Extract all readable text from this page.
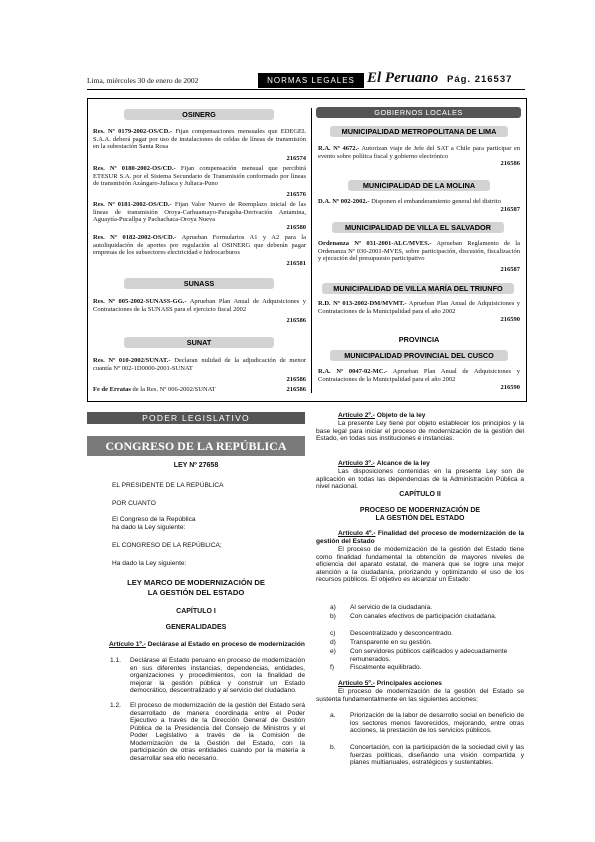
Lima, miércoles 30 de enero de 2002	NORMAS LEGALES El Peruano Pág. 216537
OSINERG
Res. Nº 0179-2002-OS/CD.- Fijan compensaciones mensuales que EDEGEL S.A.A. deberá pagar por uso de instalaciones de celdas de líneas de transmisión en la subestación Santa Rosa
216574
Res. Nº 0180-2002-OS/CD.- Fijan compensación mensual que percibirá ETESUR S.A. por el Sistema Secundario de Transmisión conformado por líneas de transmisión Azángaro-Juliaca y Juliaca-Puno
216576
Res. Nº 0181-2002-OS/CD.- Fijan Valor Nuevo de Reemplazo inicial de las líneas de transmisión Oroya-Carhuamayo-Paragsha-Derivación Antamina, Aguaytía-Pucallpa y Pachachaca-Oroya Nueva
216580
Res. Nº 0182-2002-OS/CD.- Aprueban Formularios A1 y A2 para la autoliquidación de aportes por regulación al OSINERG que deberán pagar empresas de los subsectores electricidad e hidrocarburos
216581
SUNASS
Res. Nº 005-2002-SUNASS-GG.- Aprueban Plan Anual de Adquisiciones y Contrataciones de la SUNASS para el ejercicio fiscal 2002
216586
SUNAT
Res. Nº 010-2002/SUNAT.- Declaran nulidad de la adjudicación de menor cuantía Nº 002-1D0000-2001-SUNAT
216586
Fe de Erratas de la Res. Nº 006-2002/SUNAT	216586
GOBIERNOS LOCALES
MUNICIPALIDAD METROPOLITANA DE LIMA
R.A. Nº 4672.- Autorizan viaje de Jefe del SAT a Chile para participar en evento sobre política fiscal y gobierno electrónico
216586
MUNICIPALIDAD DE LA MOLINA
D.A. Nº 002-2002.- Disponen el embanderamiento general del distrito
216587
MUNICIPALIDAD DE VILLA EL SALVADOR
Ordenanza Nº 031-2001-ALC/MVES.- Aprueban Reglamento de la Ordenanza Nº 030-2001-MVES, sobre participación, discusión, fiscalización y ejecución del presupuesto participativo
216587
MUNICIPALIDAD DE VILLA MARÍA DEL TRIUNFO
R.D. Nº 013-2002-DM/MVMT.- Aprueban Plan Anual de Adquisiciones y Contrataciones de la Municipalidad para el año 2002
216590
PROVINCIA
MUNICIPALIDAD PROVINCIAL DEL CUSCO
R.A. Nº 0047-02-MC.- Aprueban Plan Anual de Adquisiciones y Contrataciones de la Municipalidad para el año 2002
216590
PODER LEGISLATIVO
CONGRESO DE LA REPÚBLICA
LEY Nº 27658
EL PRESIDENTE DE LA REPÚBLICA
POR CUANTO
El Congreso de la República
ha dado la Ley siguiente:
EL CONGRESO DE LA REPÚBLICA;
Ha dado la Ley siguiente:
LEY MARCO DE MODERNIZACIÓN DE
LA GESTIÓN DEL ESTADO
CAPÍTULO I
GENERALIDADES
Artículo 1º.- Declárase al Estado en proceso de modernización
1.1. Declárase al Estado peruano en proceso de modernización en sus diferentes instancias, dependencias, entidades, organizaciones y procedimientos, con la finalidad de mejorar la gestión pública y construir un Estado democrático, descentralizado y al servicio del ciudadano.
1.2. El proceso de modernización de la gestión del Estado será desarrollado de manera coordinada entre el Poder Ejecutivo a través de la Dirección General de Gestión Pública de la Presidencia del Consejo de Ministros y el Poder Legislativo a través de la Comisión de Modernización de la Gestión del Estado, con la participación de otras entidades cuando por la materia a desarrollar sea ello necesario.
Artículo 2º.- Objeto de la ley
La presente Ley tiene por objeto establecer los principios y la base legal para iniciar el proceso de modernización de la gestión del Estado, en todas sus instituciones e instancias.
Artículo 3º.- Alcance de la ley
Las disposiciones contenidas en la presente Ley son de aplicación en todas las dependencias de la Administración Pública a nivel nacional.
CAPÍTULO II
PROCESO DE MODERNIZACIÓN DE
LA GESTIÓN DEL ESTADO
Artículo 4º.- Finalidad del proceso de modernización de la gestión del Estado
El proceso de modernización de la gestión del Estado tiene como finalidad fundamental la obtención de mayores niveles de eficiencia del aparato estatal, de manera que se logre una mejor atención a la ciudadanía, priorizando y optimizando el uso de los recursos públicos. El objetivo es alcanzar un Estado:
a) Al servicio de la ciudadanía.
b) Con canales efectivos de participación ciudadana.
c) Descentralizado y desconcentrado.
d) Transparente en su gestión.
e) Con servidores públicos calificados y adecuadamente remunerados.
f) Fiscalmente equilibrado.
Artículo 5º.- Principales acciones
El proceso de modernización de la gestión del Estado se sustenta fundamentalmente en las siguientes acciones:
a. Priorización de la labor de desarrollo social en beneficio de los sectores menos favorecidos, mejorando, entre otras acciones, la prestación de los servicios públicos.
b. Concertación, con la participación de la sociedad civil y las fuerzas políticas, diseñando una visión compartida y planes multianuales, estratégicos y sustentables.
